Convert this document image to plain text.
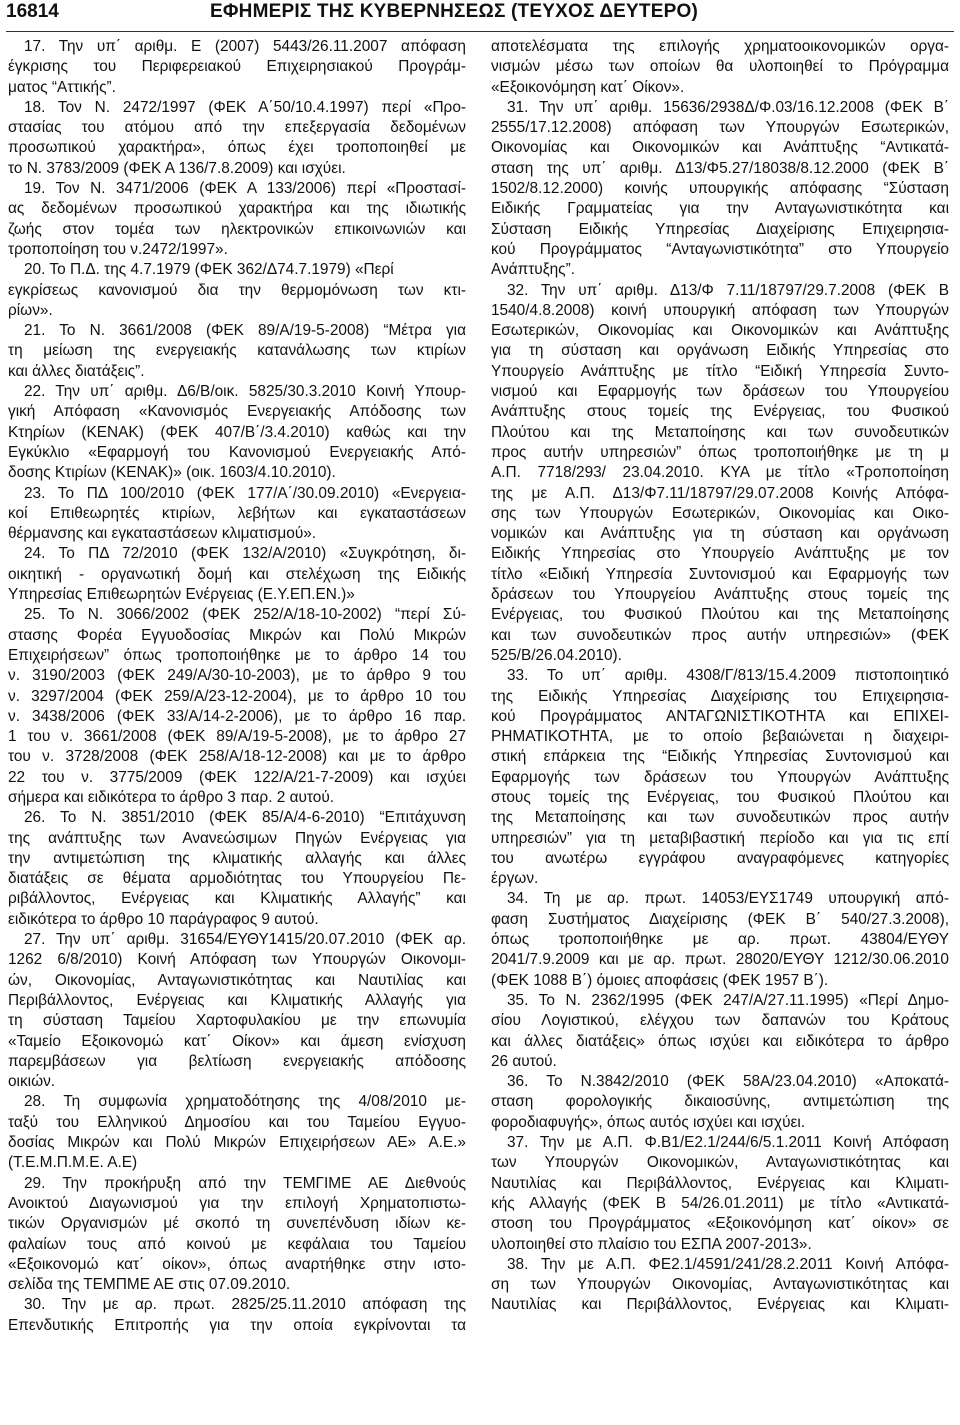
16814	ΕΦΗΜΕΡΙΣ ΤΗΣ ΚΥΒΕΡΝΗΣΕΩΣ (ΤΕΥΧΟΣ ΔΕΥΤΕΡΟ)
17. Την υπ΄ αριθμ. Ε (2007) 5443/26.11.2007 απόφαση
έγκρισης του Περιφερειακού Επιχειρησιακού Προγράμ-
ματος “Αττικής”.
18. Τον Ν. 2472/1997 (ΦΕΚ Α΄50/10.4.1997) περί «Προ-
στασίας του ατόμου από την επεξεργασία δεδομένων
προσωπικού χαρακτήρα», όπως έχει τροποποιηθεί με
το Ν. 3783/2009 (ΦΕΚ Α 136/7.8.2009) και ισχύει.
19. Τον Ν. 3471/2006 (ΦΕΚ Α 133/2006) περί «Προστασί-
ας δεδομένων προσωπικού χαρακτήρα και της ιδιωτικής
ζωής στον τομέα των ηλεκτρονικών επικοινωνιών και
τροποποίηση του ν.2472/1997».
20. Το Π.Δ. της 4.7.1979 (ΦΕΚ 362/Δ74.7.1979) «Περί
εγκρίσεως κανονισμού δια την θερμομόνωση των κτι-
ρίων».
21. Το Ν. 3661/2008 (ΦΕΚ 89/Α/19-5-2008) “Μέτρα για
τη μείωση της ενεργειακής κατανάλωσης των κτιρίων
και άλλες διατάξεις”.
22. Την υπ΄ αριθμ. Δ6/Β/οικ. 5825/30.3.2010 Κοινή Υπουρ-
γική Απόφαση «Κανονισμός Ενεργειακής Απόδοσης των
Κτηρίων (ΚΕΝΑΚ) (ΦΕΚ 407/Β΄/3.4.2010) καθώς και την
Εγκύκλιο «Εφαρμογή του Κανονισμού Ενεργειακής Από-
δοσης Κτιρίων (ΚΕΝΑΚ)» (οικ. 1603/4.10.2010).
23. Το ΠΔ 100/2010 (ΦΕΚ 177/Α΄/30.09.2010) «Ενεργεια-
κοί Επιθεωρητές κτιρίων, λεβήτων και εγκαταστάσεων
θέρμανσης και εγκαταστάσεων κλιματισμού».
24. Το ΠΔ 72/2010 (ΦΕΚ 132/Α/2010) «Συγκρότηση, δι-
οικητική - οργανωτική δομή και στελέχωση της Ειδικής
Υπηρεσίας Επιθεωρητών Ενέργειας (Ε.Υ.ΕΠ.ΕΝ.)»
25. Το Ν. 3066/2002 (ΦΕΚ 252/Α/18-10-2002) “περί Σύ-
στασης Φορέα Εγγυοδοσίας Μικρών και Πολύ Μικρών
Επιχειρήσεων” όπως τροποποιήθηκε με το άρθρο 14 του
ν. 3190/2003 (ΦΕΚ 249/Α/30-10-2003), με το άρθρο 9 του
ν. 3297/2004 (ΦΕΚ 259/Α/23-12-2004), με το άρθρο 10 του
ν. 3438/2006 (ΦΕΚ 33/Α/14-2-2006), με το άρθρο 16 παρ.
1 του ν. 3661/2008 (ΦΕΚ 89/Α/19-5-2008), με το άρθρο 27
του ν. 3728/2008 (ΦΕΚ 258/Α/18-12-2008) και με το άρθρο
22 του ν. 3775/2009 (ΦΕΚ 122/Α/21-7-2009) και ισχύει
σήμερα και ειδικότερα το άρθρο 3 παρ. 2 αυτού.
26. Το Ν. 3851/2010 (ΦΕΚ 85/Α/4-6-2010) “Επιτάχυνση
της ανάπτυξης των Ανανεώσιμων Πηγών Ενέργειας για
την αντιμετώπιση της κλιματικής αλλαγής και άλλες
διατάξεις σε θέματα αρμοδιότητας του Υπουργείου Πε-
ριβάλλοντος, Ενέργειας και Κλιματικής Αλλαγής” και
ειδικότερα το άρθρο 10 παράγραφος 9 αυτού.
27. Την υπ΄ αριθμ. 31654/ΕΥΘΥ1415/20.07.2010 (ΦΕΚ αρ.
1262 6/8/2010) Κοινή Απόφαση των Υπουργών Οικονομι-
ών, Οικονομίας, Ανταγωνιστικότητας και Ναυτιλίας και
Περιβάλλοντος, Ενέργειας και Κλιματικής Αλλαγής για
τη σύσταση Ταμείου Χαρτοφυλακίου με την επωνυμία
«Ταμείο Εξοικονομώ κατ΄ Οίκον» και άμεση ενίσχυση
παρεμβάσεων για βελτίωση ενεργειακής απόδοσης
οικιών.
28. Τη συμφωνία χρηματοδότησης της 4/08/2010 με-
ταξύ του Ελληνικού Δημοσίου και του Ταμείου Εγγυο-
δοσίας Μικρών και Πολύ Μικρών Επιχειρήσεων ΑΕ» Α.Ε.»
(Τ.Ε.Μ.Π.Μ.Ε. Α.Ε)
29. Την προκήρυξη από την ΤΕΜΓΙΜΕ ΑΕ Διεθνούς
Ανοικτού Διαγωνισμού για την επιλογή Χρηματοπιστω-
τικών Οργανισμών μέ σκοπό τη συνεπένδυση ιδίων κε-
φαλαίων τους από κοινού με κεφάλαια του Ταμείου
«Εξοικονομώ κατ΄ οίκον», όπως αναρτήθηκε στην ιστο-
σελίδα της ΤΕΜΠΜΕ ΑΕ στις 07.09.2010.
30. Την με αρ. πρωτ. 2825/25.11.2010 απόφαση της
Επενδυτικής Επιτροπής για την οποία εγκρίνονται τα
αποτελέσματα της επιλογής χρηματοοικονομικών οργα-
νισμών μέσω των οποίων θα υλοποιηθεί το Πρόγραμμα
«Εξοικονόμηση κατ΄ Οίκον».
31. Την υπ΄ αριθμ. 15636/2938Δ/Φ.03/16.12.2008 (ΦΕΚ Β΄
2555/17.12.2008) απόφαση των Υπουργών Εσωτερικών,
Οικονομίας και Οικονομικών και Ανάπτυξης “Αντικατά-
σταση της υπ΄ αριθμ. Δ13/Φ5.27/18038/8.12.2000 (ΦΕΚ Β΄
1502/8.12.2000) κοινής υπουργικής απόφασης “Σύσταση
Ειδικής Γραμματείας για την Ανταγωνιστικότητα και
Σύσταση Ειδικής Υπηρεσίας Διαχείρισης Επιχειρησια-
κού Προγράμματος “Ανταγωνιστικότητα” στο Υπουργείο
Ανάπτυξης”.
32. Την υπ΄ αριθμ. Δ13/Φ 7.11/18797/29.7.2008 (ΦΕΚ Β
1540/4.8.2008) κοινή υπουργική απόφαση των Υπουργών
Εσωτερικών, Οικονομίας και Οικονομικών και Ανάπτυξης
για τη σύσταση και οργάνωση Ειδικής Υπηρεσίας στο
Υπουργείο Ανάπτυξης με τίτλο “Ειδική Υπηρεσία Συντο-
νισμού και Εφαρμογής των δράσεων του Υπουργείου
Ανάπτυξης στους τομείς της Ενέργειας, του Φυσικού
Πλούτου και της Μεταποίησης και των συνοδευτικών
προς αυτήν υπηρεσιών” όπως τροποποιήθηκε με τη μ
Α.Π. 7718/293/ 23.04.2010. ΚΥΑ με τίτλο «Τροποποίηση
της με Α.Π. Δ13/Φ7.11/18797/29.07.2008 Κοινής Απόφα-
σης των Υπουργών Εσωτερικών, Οικονομίας και Οικο-
νομικών και Ανάπτυξης για τη σύσταση και οργάνωση
Ειδικής Υπηρεσίας στο Υπουργείο Ανάπτυξης με τον
τίτλο «Ειδική Υπηρεσία Συντονισμού και Εφαρμογής των
δράσεων του Υπουργείου Ανάπτυξης στους τομείς της
Ενέργειας, του Φυσικού Πλούτου και της Μεταποίησης
και των συνοδευτικών προς αυτήν υπηρεσιών» (ΦΕΚ
525/Β/26.04.2010).
33. Το υπ΄ αριθμ. 4308/Γ/813/15.4.2009 πιστοποιητικό
της Ειδικής Υπηρεσίας Διαχείρισης του Επιχειρησια-
κού Προγράμματος ΑΝΤΑΓΩΝΙΣΤΙΚΟΤΗΤΑ και ΕΠΙΧΕΙ-
ΡΗΜΑΤΙΚΟΤΗΤΑ, με το οποίο βεβαιώνεται η διαχειρι-
στική επάρκεια της “Ειδικής Υπηρεσίας Συντονισμού και
Εφαρμογής των δράσεων του Υπουργών Ανάπτυξης
στους τομείς της Ενέργειας, του Φυσικού Πλούτου και
της Μεταποίησης και των συνοδευτικών προς αυτήν
υπηρεσιών” για τη μεταβιβαστική περίοδο και για τις επί
του ανωτέρω εγγράφου αναγραφόμενες κατηγορίες
έργων.
34. Τη με αρ. πρωτ. 14053/ΕΥΣ1749 υπουργική από-
φαση Συστήματος Διαχείρισης (ΦΕΚ Β΄ 540/27.3.2008),
όπως τροποποιήθηκε με αρ. πρωτ. 43804/ΕΥΘΥ
2041/7.9.2009 και με αρ. πρωτ. 28020/ΕΥΘΥ 1212/30.06.2010
(ΦΕΚ 1088 Β΄) όμοιες αποφάσεις (ΦΕΚ 1957 Β΄).
35. Το Ν. 2362/1995 (ΦΕΚ 247/Α/27.11.1995) «Περί Δημο-
σίου Λογιστικού, ελέγχου των δαπανών του Κράτους
και άλλες διατάξεις» όπως ισχύει και ειδικότερα το άρθρο
26 αυτού.
36. Το Ν.3842/2010 (ΦΕΚ 58Α/23.04.2010) «Αποκατά-
σταση φορολογικής δικαιοσύνης, αντιμετώπιση της
φοροδιαφυγής», όπως αυτός ισχύει και ισχύει.
37. Την με Α.Π. Φ.Β1/Ε2.1/244/6/5.1.2011 Κοινή Απόφαση
των Υπουργών Οικονομικών, Ανταγωνιστικότητας και
Ναυτιλίας και Περιβάλλοντος, Ενέργειας και Κλιματι-
κής Αλλαγής (ΦΕΚ Β 54/26.01.2011) με τίτλο «Αντικατά-
στοση του Προγράμματος «Εξοικονόμηση κατ΄ οίκον» σε
υλοποιηθεί στο πλαίσιο του ΕΣΠΑ 2007-2013».
38. Την με Α.Π. ΦΕ2.1/4591/241/28.2.2011 Κοινή Απόφα-
ση των Υπουργών Οικονομίας, Ανταγωνιστικότητας και
Ναυτιλίας και Περιβάλλοντος, Ενέργειας και Κλιματι-
